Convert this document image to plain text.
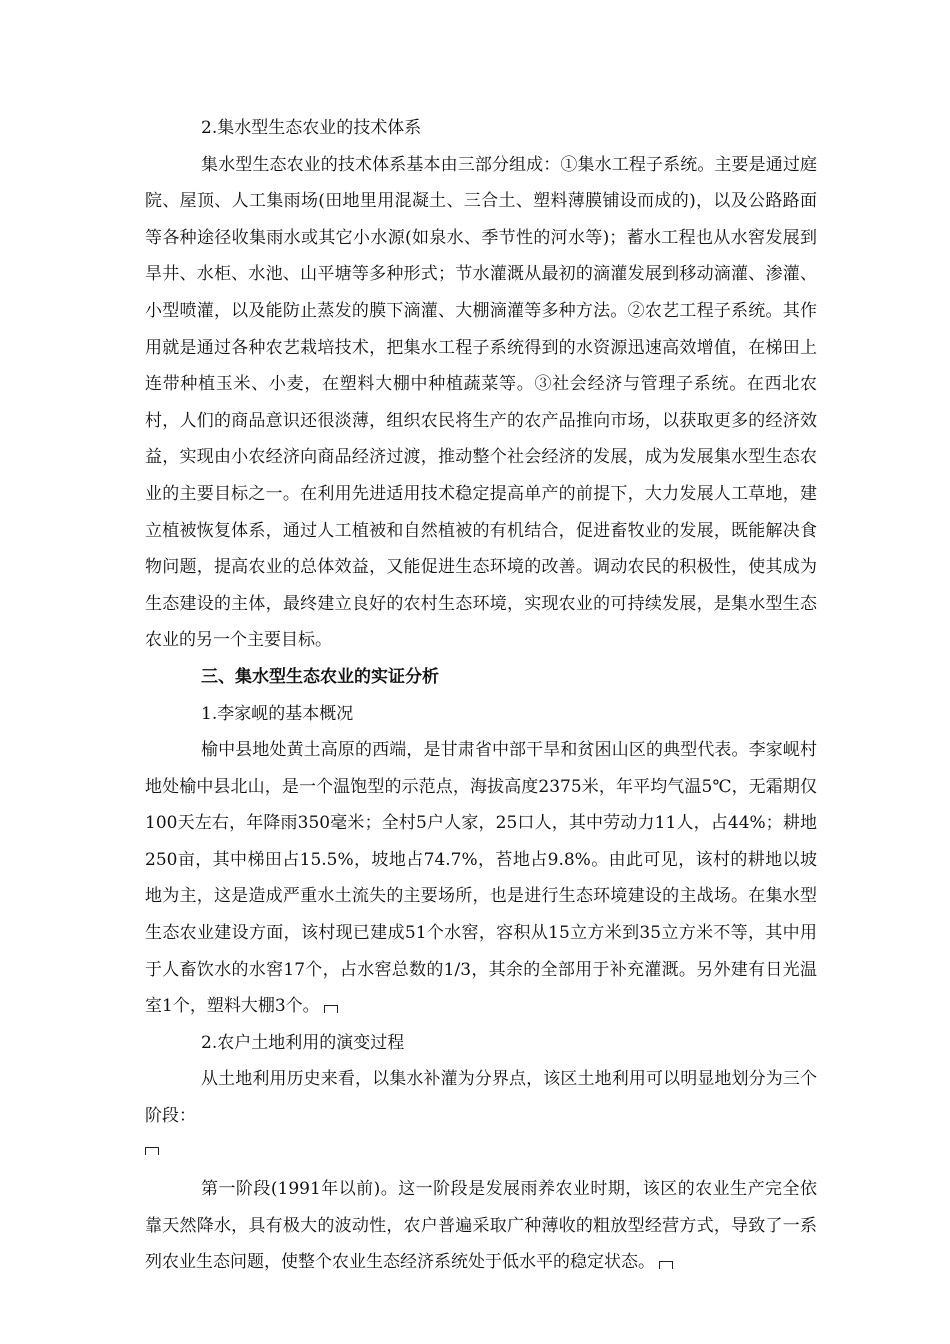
2.集水型生态农业的技术体系

集水型生态农业的技术体系基本由三部分组成：①集水工程子系统。主要是通过庭院、屋顶、人工集雨场(田地里用混凝土、三合土、塑料薄膜铺设而成的)，以及公路路面等各种途径收集雨水或其它小水源(如泉水、季节性的河水等)；蓄水工程也从水窖发展到旱井、水柜、水池、山平塘等多种形式；节水灌溉从最初的滴灌发展到移动滴灌、渗灌、小型喷灌，以及能防止蒸发的膜下滴灌、大棚滴灌等多种方法。②农艺工程子系统。其作用就是通过各种农艺栽培技术，把集水工程子系统得到的水资源迅速高效增值，在梯田上连带种植玉米、小麦，在塑料大棚中种植蔬菜等。③社会经济与管理子系统。在西北农村，人们的商品意识还很淡薄，组织农民将生产的农产品推向市场，以获取更多的经济效益，实现由小农经济向商品经济过渡，推动整个社会经济的发展，成为发展集水型生态农业的主要目标之一。在利用先进适用技术稳定提高单产的前提下，大力发展人工草地，建立植被恢复体系，通过人工植被和自然植被的有机结合，促进畜牧业的发展，既能解决食物问题，提高农业的总体效益，又能促进生态环境的改善。调动农民的积极性，使其成为生态建设的主体，最终建立良好的农村生态环境，实现农业的可持续发展，是集水型生态农业的另一个主要目标。

三、集水型生态农业的实证分析

1.李家岘的基本概况

榆中县地处黄土高原的西端，是甘肃省中部干旱和贫困山区的典型代表。李家岘村地处榆中县北山，是一个温饱型的示范点，海拔高度2375米，年平均气温5℃，无霜期仅100天左右，年降雨350毫米；全村5户人家，25口人，其中劳动力11人，占44%；耕地250亩，其中梯田占15.5%，坡地占74.7%，苔地占9.8%。由此可见，该村的耕地以坡地为主，这是造成严重水土流失的主要场所，也是进行生态环境建设的主战场。在集水型生态农业建设方面，该村现已建成51个水窖，容积从15立方米到35立方米不等，其中用于人畜饮水的水窖17个，占水窖总数的1/3，其余的全部用于补充灌溉。另外建有日光温室1个，塑料大棚3个。

2.农户土地利用的演变过程

从土地利用历史来看，以集水补灌为分界点，该区土地利用可以明显地划分为三个阶段：

第一阶段(1991年以前)。这一阶段是发展雨养农业时期，该区的农业生产完全依靠天然降水，具有极大的波动性，农户普遍采取广种薄收的粗放型经营方式，导致了一系列农业生态问题，使整个农业生态经济系统处于低水平的稳定状态。
